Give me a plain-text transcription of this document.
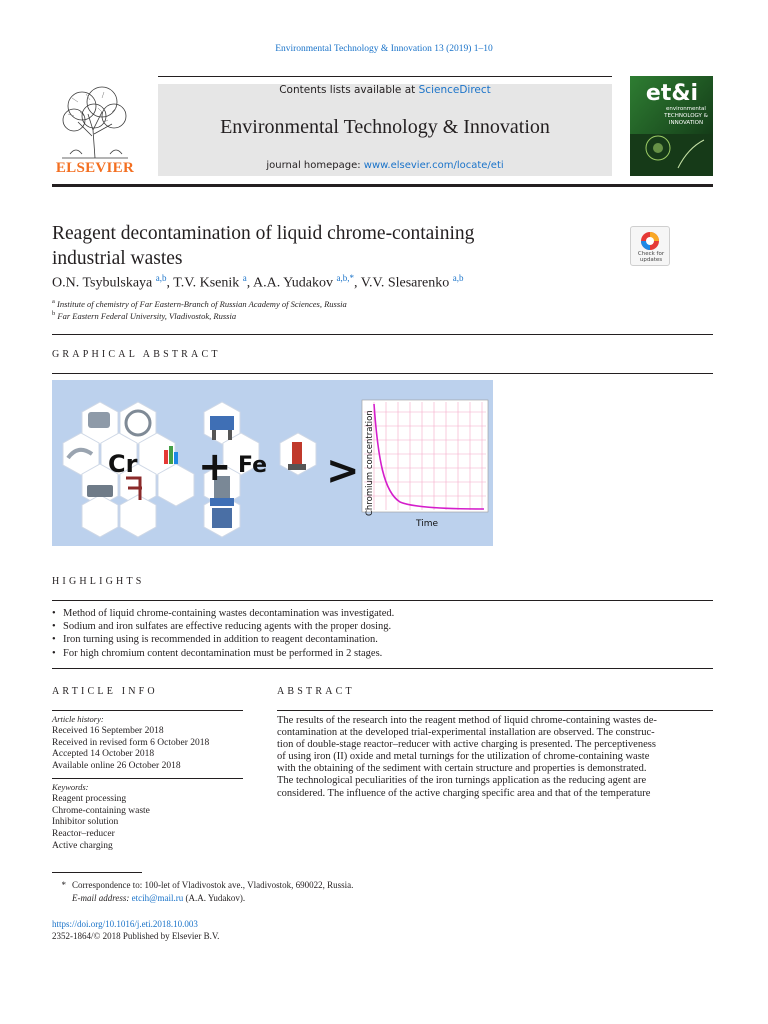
Environmental Technology & Innovation 13 (2019) 1–10
ELSEVIER
Contents lists available at ScienceDirect
Environmental Technology & Innovation
journal homepage: www.elsevier.com/locate/eti
et&i
environmental
TECHNOLOGY &
INNOVATION
Reagent decontamination of liquid chrome-containing
industrial wastes	Check for updates
O.N. Tsybulskaya $^{a,b}$, T.V. Ksenik $^a$, A.A. Yudakov $^{a,b,*}$, V.V. Slesarenko $^{a,b}$
$^a$ Institute of chemistry of Far Eastern-Branch of Russian Academy of Sciences, Russia
$^b$ Far Eastern Federal University, Vladivostok, Russia
GRAPHICAL ABSTRACT
Cr + Fe > Chromium concentration
Time
HIGHLIGHTS
• Method of liquid chrome-containing wastes decontamination was investigated.
• Sodium and iron sulfates are effective reducing agents with the proper dosing.
• Iron turning using is recommended in addition to reagent decontamination.
• For high chromium content decontamination must be performed in 2 stages.
ARTICLE INFO
Article history:
Received 16 September 2018
Received in revised form 6 October 2018
Accepted 14 October 2018
Available online 26 October 2018
Keywords:
Reagent processing
Chrome-containing waste
Inhibitor solution
Reactor–reducer
Active charging
ABSTRACT
The results of the research into the reagent method of liquid chrome-containing wastes de-
contamination at the developed trial-experimental installation are observed. The construc-
tion of double-stage reactor–reducer with active charging is presented. The perceptiveness
of using iron (II) oxide and metal turnings for the utilization of chrome-containing waste
with the obtaining of the sediment with certain structure and properties is demonstrated.
The technological peculiarities of the iron turnings application as the reducing agent are
considered. The influence of the active charging specific area and that of the temperature
* Correspondence to: 100-let of Vladivostok ave., Vladivostok, 690022, Russia.
E-mail address: etcih@mail.ru (A.A. Yudakov).
https://doi.org/10.1016/j.eti.2018.10.003
2352-1864/© 2018 Published by Elsevier B.V.
